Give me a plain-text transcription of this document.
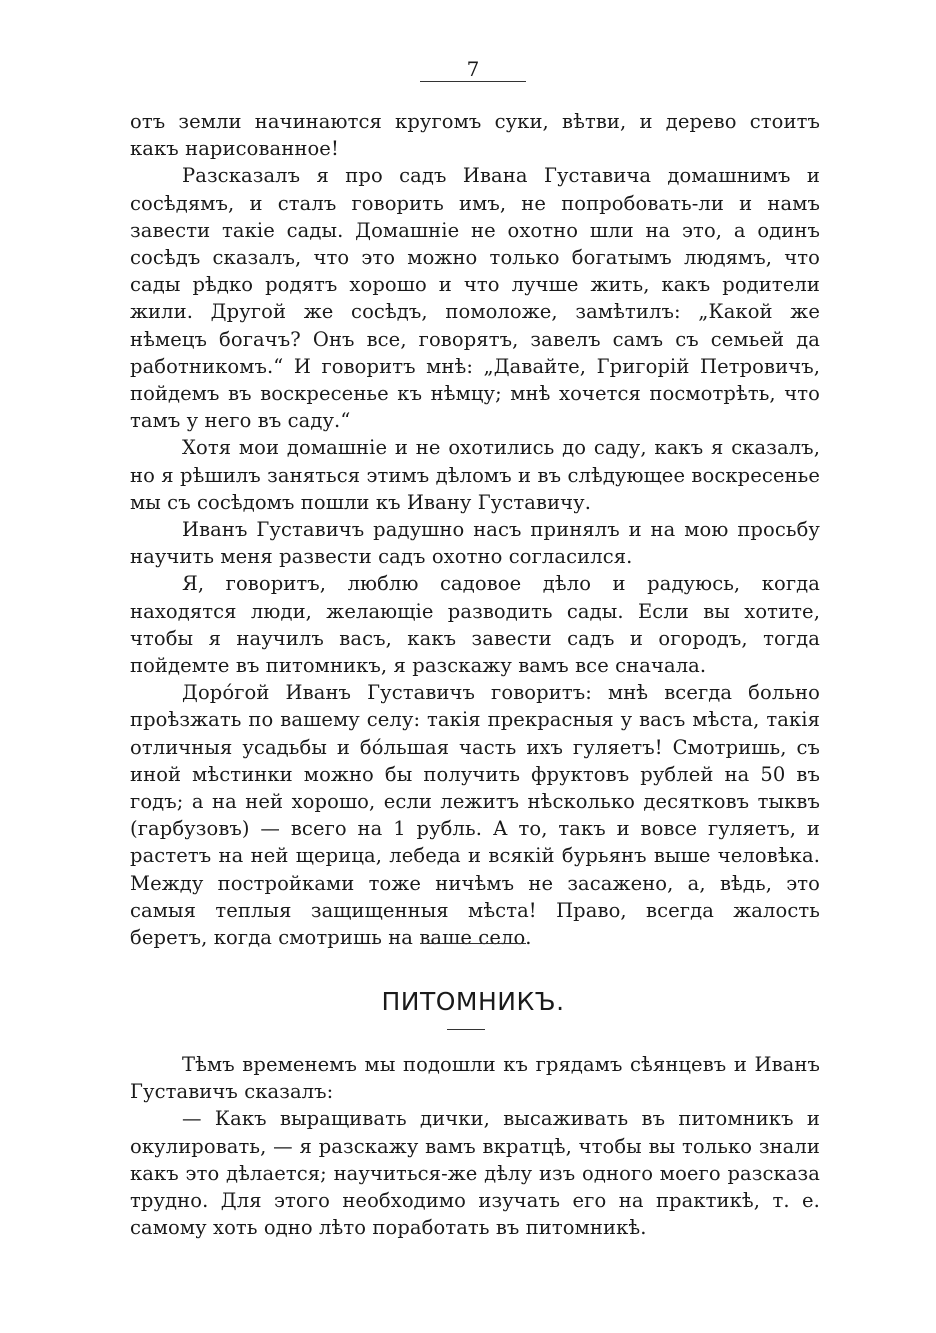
7

отъ земли начинаются кругомъ суки, вѣтви, и дерево стоитъ какъ нарисованное!

Разсказалъ я про садъ Ивана Густавича домашнимъ и сосѣдямъ, и сталъ говорить имъ, не попробовать-ли и намъ завести такіе сады. Домашніе не охотно шли на это, а одинъ сосѣдъ сказалъ, что это можно только богатымъ людямъ, что сады рѣдко родятъ хорошо и что лучше жить, какъ родители жили. Другой же сосѣдъ, помоложе, замѣтилъ: „Какой же нѣмецъ богачъ? Онъ все, говорятъ, завелъ самъ съ семьей да работникомъ.“ И говоритъ мнѣ: „Давайте, Григорій Петровичъ, пойдемъ въ воскресенье къ нѣмцу; мнѣ хочется посмотрѣть, что тамъ у него въ саду.“

Хотя мои домашніе и не охотились до саду, какъ я сказалъ, но я рѣшилъ заняться этимъ дѣломъ и въ слѣдующее воскресенье мы съ сосѣдомъ пошли къ Ивану Густавичу.

Иванъ Густавичъ радушно насъ принялъ и на мою просьбу научить меня развести садъ охотно согласился.

Я, говоритъ, люблю садовое дѣло и радуюсь, когда находятся люди, желающіе разводить сады. Если вы хотите, чтобы я научилъ васъ, какъ завести садъ и огородъ, тогда пойдемте въ питомникъ, я разскажу вамъ все сначала.

Доро́гой Иванъ Густавичъ говоритъ: мнѣ всегда больно проѣзжать по вашему селу: такія прекрасныя у васъ мѣста, такія отличныя усадьбы и бо́льшая часть ихъ гуляетъ! Смотришь, съ иной мѣстинки можно бы получить фруктовъ рублей на 50 въ годъ; а на ней хорошо, если лежитъ нѣсколько десятковъ тыквъ (гарбузовъ) — всего на 1 рубль. А то, такъ и вовсе гуляетъ, и растетъ на ней щерица, лебеда и всякій бурьянъ выше человѣка. Между постройками тоже ничѣмъ не засажено, а, вѣдь, это самыя теплыя защищенныя мѣста! Право, всегда жалость беретъ, когда смотришь на ваше село.

ПИТОМНИКЪ.

Тѣмъ временемъ мы подошли къ грядамъ сѣянцевъ и Иванъ Густавичъ сказалъ:

— Какъ выращивать дички, высаживать въ питомникъ и окулировать, — я разскажу вамъ вкратцѣ, чтобы вы только знали какъ это дѣлается; научиться-же дѣлу изъ одного моего разсказа трудно. Для этого необходимо изучать его на практикѣ, т. е. самому хоть одно лѣто поработать въ питомникѣ.
